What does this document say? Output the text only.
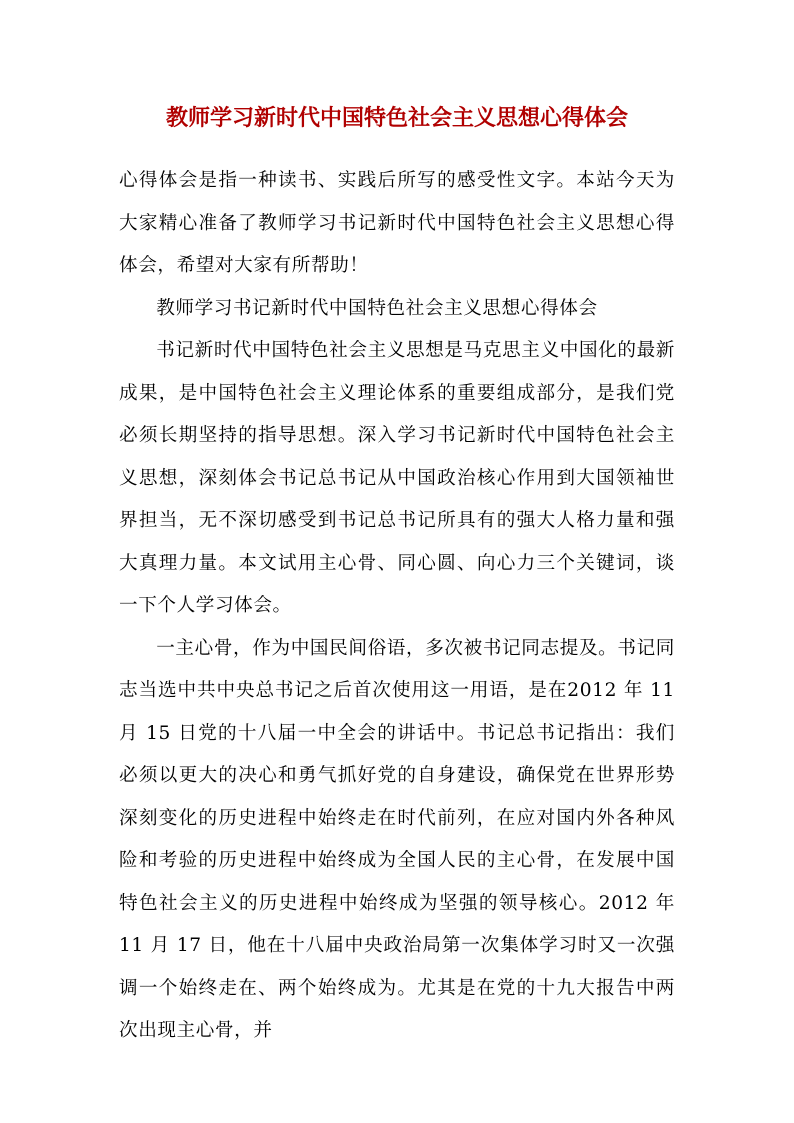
教师学习新时代中国特色社会主义思想心得体会

心得体会是指一种读书、实践后所写的感受性文字。本站今天为大家精心准备了教师学习书记新时代中国特色社会主义思想心得体会，希望对大家有所帮助！

教师学习书记新时代中国特色社会主义思想心得体会

书记新时代中国特色社会主义思想是马克思主义中国化的最新成果，是中国特色社会主义理论体系的重要组成部分，是我们党必须长期坚持的指导思想。深入学习书记新时代中国特色社会主义思想，深刻体会书记总书记从中国政治核心作用到大国领袖世界担当，无不深切感受到书记总书记所具有的强大人格力量和强大真理力量。本文试用主心骨、同心圆、向心力三个关键词，谈一下个人学习体会。

一主心骨，作为中国民间俗语，多次被书记同志提及。书记同志当选中共中央总书记之后首次使用这一用语，是在2012 年 11 月 15 日党的十八届一中全会的讲话中。书记总书记指出：我们必须以更大的决心和勇气抓好党的自身建设，确保党在世界形势深刻变化的历史进程中始终走在时代前列，在应对国内外各种风险和考验的历史进程中始终成为全国人民的主心骨，在发展中国特色社会主义的历史进程中始终成为坚强的领导核心。2012 年 11 月 17 日，他在十八届中央政治局第一次集体学习时又一次强调一个始终走在、两个始终成为。尤其是在党的十九大报告中两次出现主心骨，并
